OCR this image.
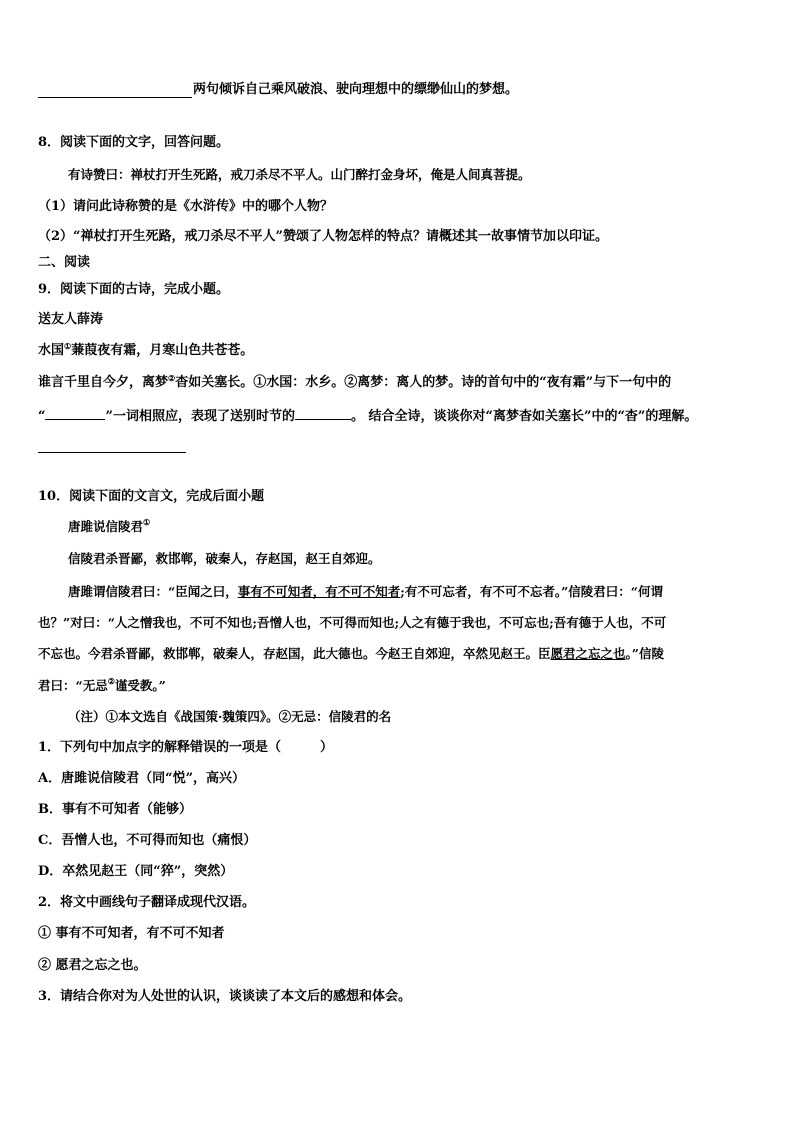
两句倾诉自己乘风破浪、驶向理想中的缥缈仙山的梦想。
8．阅读下面的文字，回答问题。
有诗赞曰：禅杖打开生死路，戒刀杀尽不平人。山门醉打金身坏，俺是人间真菩提。
（1）请问此诗称赞的是《水浒传》中的哪个人物？
（2）“禅杖打开生死路，戒刀杀尽不平人”赞颂了人物怎样的特点？请概述其一故事情节加以印证。
二、阅读
9．阅读下面的古诗，完成小题。
送友人薛涛
水国①蒹葭夜有霜，月寒山色共苍苍。
谁言千里自今夕，离梦②杳如关塞长。①水国：水乡。②离梦：离人的梦。诗的首句中的“夜有霜”与下一句中的
“	”一词相照应，表现了送别时节的	。 结合全诗，谈谈你对“离梦杳如关塞长”中的“杳”的理解。
10．阅读下面的文言文，完成后面小题
唐雎说信陵君①
信陵君杀晋鄙，救邯郸，破秦人，存赵国，赵王自郊迎。
唐雎谓信陵君曰：“臣闻之曰，事有不可知者，有不可不知者;有不可忘者，有不可不忘者。”信陵君曰：“何谓
也？”对曰：“人之憎我也，不可不知也;吾憎人也，不可得而知也;人之有德于我也，不可忘也;吾有德于人也，不可
不忘也。今君杀晋鄙，救邯郸，破秦人，存赵国，此大德也。今赵王自郊迎，卒然见赵王。臣愿君之忘之也。”信陵
君曰：“无忌②谨受教。”
（注）①本文选自《战国策·魏策四》。②无忌：信陵君的名
1．下列句中加点字的解释错误的一项是（　　　）
A．唐雎说信陵君（同“悦”，高兴）
B．事有不可知者（能够）
C．吾憎人也，不可得而知也（痛恨）
D．卒然见赵王（同“猝”，突然）
2．将文中画线句子翻译成现代汉语。
① 事有不可知者，有不可不知者
② 愿君之忘之也。
3．请结合你对为人处世的认识，谈谈读了本文后的感想和体会。
